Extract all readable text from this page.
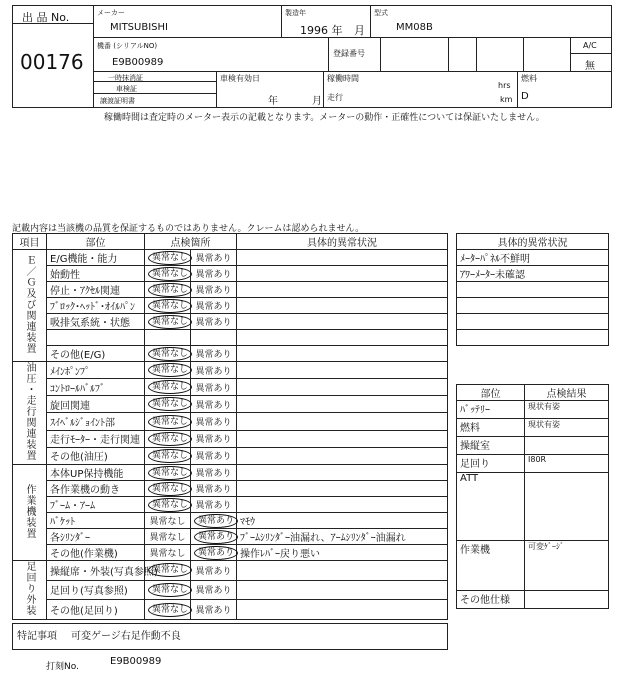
出 品 No.
00176
メーカー
MITSUBISHI
製造年
1996 年 月
型式
MM08B
機番 (シリアルNO)
E9B00989
登録番号
A/C
無
一時抹消証
車検証
譲渡証明書
車検有効日
年	月
稼働時間
走行
hrs
km
燃料
D
稼働時間は査定時のメーター表示の記載となります。メーターの動作・正確性については保証いたしません。
記載内容は当該機の品質を保証するものではありません。クレームは認められません。
項目	部位	点検箇所		具体的異常状況
Ｅ／Ｇ及び関連装置	E/G機能・能力	異常なし	異常あり	
	始動性	異常なし	異常あり	
	停止・ｱｸｾﾙ関連	異常なし	異常あり	
	ﾌﾞﾛｯｸ･ﾍｯﾄﾞ･ｵｲﾙﾊﾟﾝ	異常なし	異常あり	
	吸排気系統・状態	異常なし	異常あり	

	その他(E/G)	異常なし	異常あり	
油圧・走行関連装置	ﾒｲﾝﾎﾟﾝﾌﾟ	異常なし	異常あり	
	ｺﾝﾄﾛｰﾙﾊﾞﾙﾌﾞ	異常なし	異常あり	
	旋回関連	異常なし	異常あり	
	ｽｲﾍﾞﾙｼﾞｮｲﾝﾄ部	異常なし	異常あり	
	走行ﾓｰﾀｰ・走行関連	異常なし	異常あり	
	その他(油圧)	異常なし	異常あり	
作業機装置	本体UP保持機能	異常なし	異常あり	
	各作業機の動き	異常なし	異常あり	
	ﾌﾞｰﾑ・ｱｰﾑ	異常なし	異常あり	
	ﾊﾞｹｯﾄ	異常なし	異常あり	ﾏﾓｳ
	各ｼﾘﾝﾀﾞｰ	異常なし	異常あり	ﾌﾞｰﾑｼﾘﾝﾀﾞｰ油漏れ、ｱｰﾑｼﾘﾝﾀﾞｰ油漏れ
	その他(作業機)	異常なし	異常あり	操作ﾚﾊﾞｰ戻り悪い
足回り外装	操縦席・外装(写真参照)	異常なし	異常あり	
	足回り(写真参照)	異常なし	異常あり	
	その他(足回り)	異常なし	異常あり	
具体的異常状況
ﾒｰﾀｰﾊﾟﾈﾙ不鮮明
ｱﾜｰﾒｰﾀｰ未確認

部位	点検結果
ﾊﾞｯﾃﾘｰ	現状有姿
燃料	現状有姿
操縦室	
足回り	I80R
ATT	
作業機	可変ｹﾞｰｼﾞ
その他仕様	
特記事項 可変ゲージ右足作動不良
打刻No.	E9B00989
